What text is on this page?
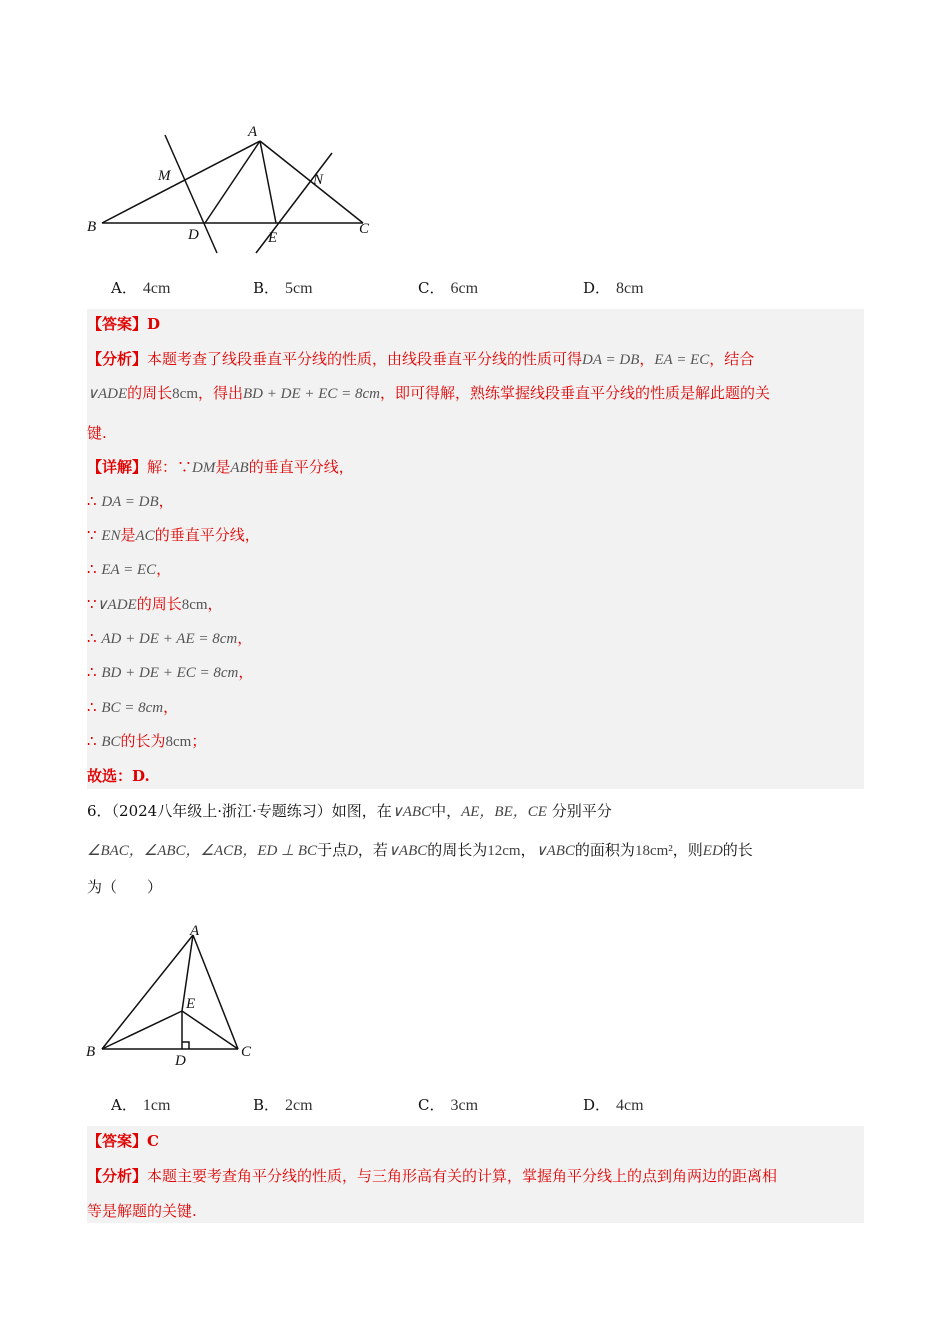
A
B	C
D	E
M	N
A． 4cm	B． 5cm	C． 6cm	D． 8cm
【答案】D
【分析】本题考查了线段垂直平分线的性质，由线段垂直平分线的性质可得DA = DB，EA = EC，结合
∨ADE的周长8cm，得出BD + DE + EC = 8cm，即可得解，熟练掌握线段垂直平分线的性质是解此题的关
键.
【详解】解：∵DM是AB的垂直平分线，
∴ DA = DB，
∵ EN是AC的垂直平分线，
∴ EA = EC，
∵∨ADE的周长8cm，
∴ AD + DE + AE = 8cm，
∴ BD + DE + EC = 8cm，
∴ BC = 8cm，
∴ BC的长为8cm；
故选：D.
6．（2024八年级上·浙江·专题练习）如图，在∨ABC中，AE，BE，CE 分别平分
∠BAC，∠ABC，∠ACB，ED ⊥ BC于点D，若∨ABC的周长为12cm，∨ABC的面积为18cm²，则ED的长
为（　　）
A
B	C
D
E
A． 1cm	B． 2cm	C． 3cm	D． 4cm
【答案】C
【分析】本题主要考查角平分线的性质，与三角形高有关的计算，掌握角平分线上的点到角两边的距离相
等是解题的关键.
